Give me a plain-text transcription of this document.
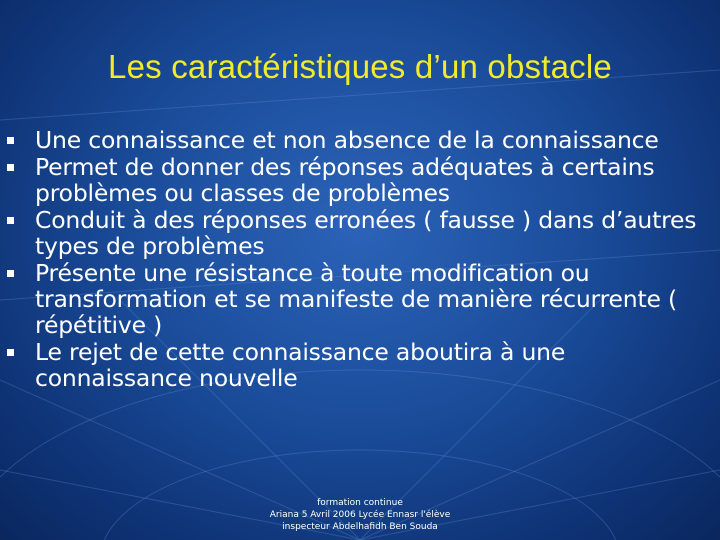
Les caractéristiques d’un obstacle
Une connaissance et non absence de la connaissance
Permet de donner des réponses adéquates à certains problèmes ou classes de problèmes
Conduit à des réponses erronées ( fausse ) dans d’autres types de problèmes
Présente une résistance à toute modification ou transformation et se manifeste de manière récurrente ( répétitive )
Le rejet de cette connaissance aboutira à une connaissance nouvelle
formation continue
Ariana 5 Avril 2006 Lycée Ennasr l'élève
inspecteur Abdelhafidh Ben Souda
